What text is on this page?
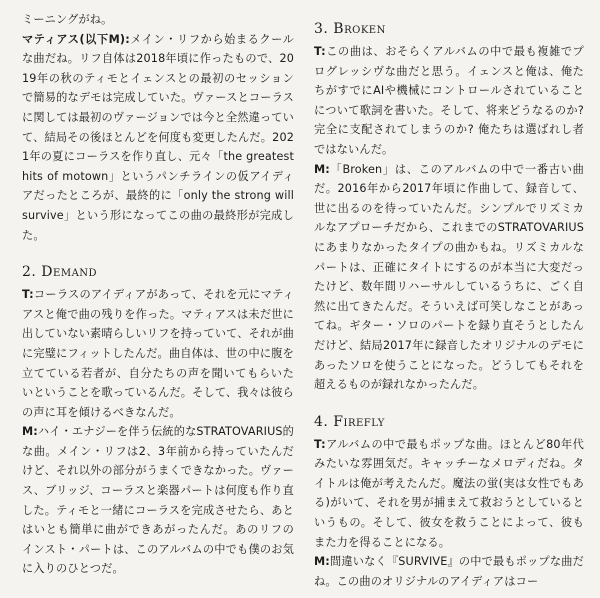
ミーニングがね。
マティアス(以下M):メイン・リフから始まるクールな曲だね。リフ自体は2018年頃に作ったもので、2019年の秋のティモとイェンスとの最初のセッションで簡易的なデモは完成していた。ヴァースとコーラスに関しては最初のヴァージョンでは今と全然違っていて、結局その後ほとんどを何度も変更したんだ。2021年の夏にコーラスを作り直し、元々「the greatest hits of motown」というパンチラインの仮アイディアだったところが、最終的に「only the strong will survive」という形になってこの曲の最終形が完成した。

2. Demand

T:コーラスのアイディアがあって、それを元にマティアスと俺で曲の残りを作った。マティアスは未だ世に出していない素晴らしいリフを持っていて、それが曲に完璧にフィットしたんだ。曲自体は、世の中に腹を立てている若者が、自分たちの声を聞いてもらいたいということを歌っているんだ。そして、我々は彼らの声に耳を傾けるべきなんだ。

M:ハイ・エナジーを伴う伝統的なSTRATOVARIUS的な曲。メイン・リフは2、3年前から持っていたんだけど、それ以外の部分がうまくできなかった。ヴァース、ブリッジ、コーラスと楽器パートは何度も作り直した。ティモと一緒にコーラスを完成させたら、あとはいとも簡単に曲ができあがったんだ。あのリフのインスト・パートは、このアルバムの中でも僕のお気に入りのひとつだ。

3. Broken

T:この曲は、おそらくアルバムの中で最も複雑でプログレッシヴな曲だと思う。イェンスと俺は、俺たちがすでにAIや機械にコントロールされていることについて歌詞を書いた。そして、将来どうなるのか? 完全に支配されてしまうのか? 俺たちは選ばれし者ではないんだ。

M:「Broken」は、このアルバムの中で一番古い曲だ。2016年から2017年頃に作曲して、録音して、世に出るのを待っていたんだ。シンプルでリズミカルなアプローチだから、これまでのSTRATOVARIUSにあまりなかったタイプの曲かもね。リズミカルなパートは、正確にタイトにするのが本当に大変だったけど、数年間リハーサルしているうちに、ごく自然に出てきたんだ。そういえば可笑しなことがあってね。ギター・ソロのパートを録り直そうとしたんだけど、結局2017年に録音したオリジナルのデモにあったソロを使うことになった。どうしてもそれを超えるものが録れなかったんだ。

4. Firefly

T:アルバムの中で最もポップな曲。ほとんど80年代みたいな雰囲気だ。キャッチーなメロディだね。タイトルは俺が考えたんだ。魔法の蛍(実は女性でもある)がいて、それを男が捕まえて救おうとしているというもの。そして、彼女を救うことによって、彼もまた力を得ることになる。

M:間違いなく『SURVIVE』の中で最もポップな曲だね。この曲のオリジナルのアイディアはコー
